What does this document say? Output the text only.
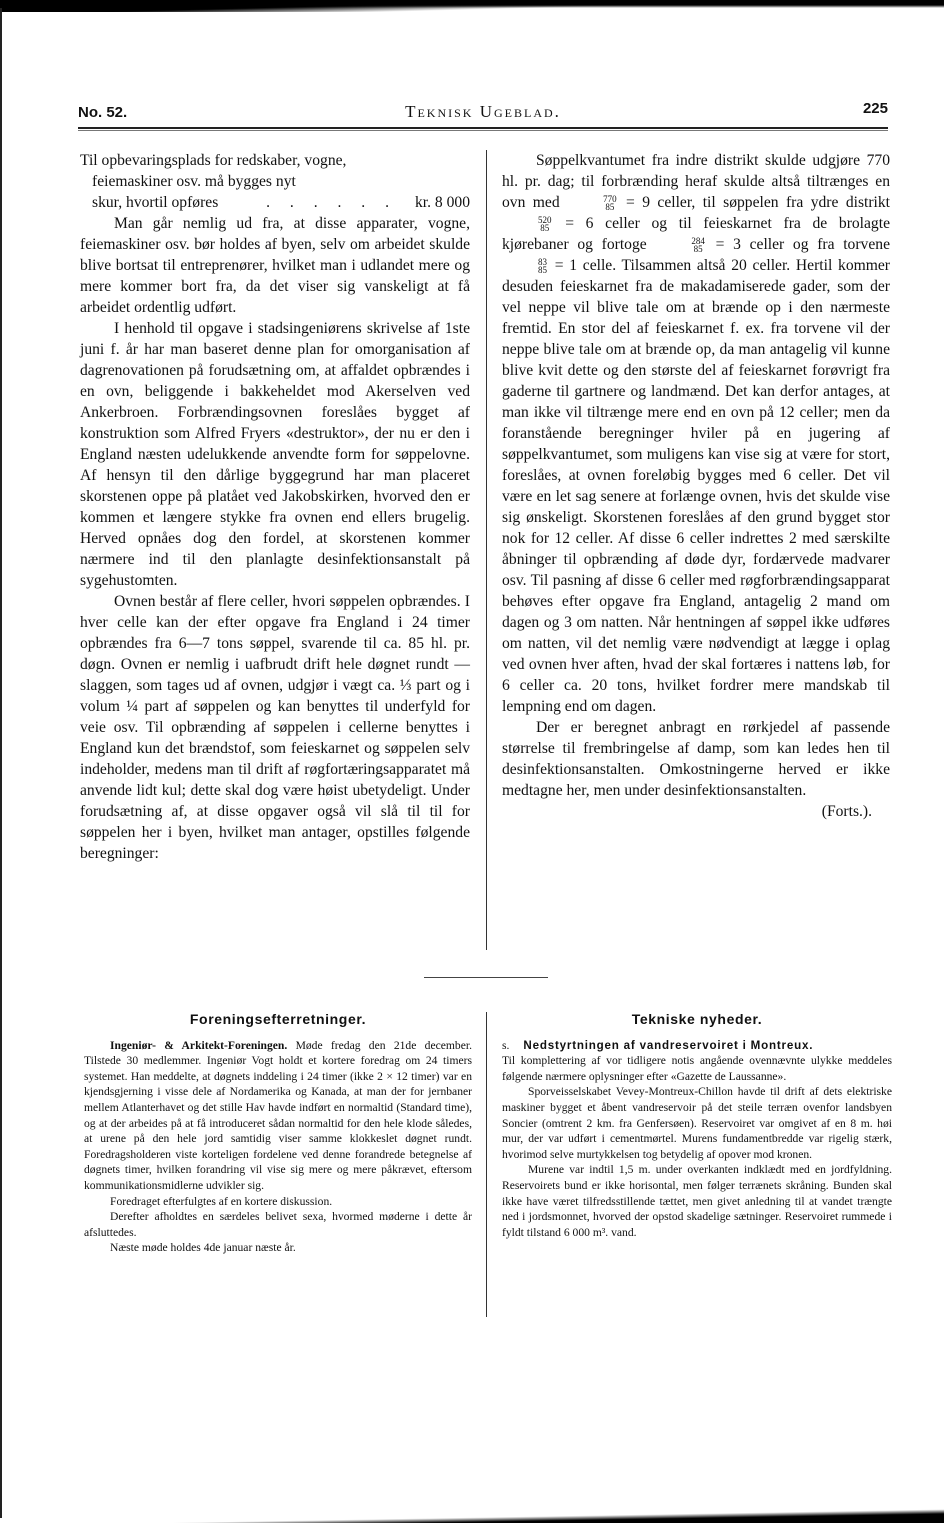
No. 52.	Teknisk Ugeblad.	225
Til opbevaringsplads for redskaber, vogne,
feiemaskiner osv. må bygges nyt
skur, hvortil opføres	. . . . . .	kr. 8 000

Man går nemlig ud fra, at disse apparater, vogne, feiemaskiner osv. bør holdes af byen, selv om arbeidet skulde blive bortsat til entreprenører, hvilket man i udlandet mere og mere kommer bort fra, da det viser sig vanskeligt at få arbeidet ordentlig udført.

I henhold til opgave i stadsingeniørens skrivelse af 1ste juni f. år har man baseret denne plan for omorganisation af dagrenovationen på forudsætning om, at affaldet opbrændes i en ovn, beliggende i bakkeheldet mod Akerselven ved Ankerbroen. Forbrændingsovnen foreslåes bygget af konstruktion som Alfred Fryers «destruktor», der nu er den i England næsten udelukkende anvendte form for søppelovne. Af hensyn til den dårlige byggegrund har man placeret skorstenen oppe på platået ved Jakobskirken, hvorved den er kommen et længere stykke fra ovnen end ellers brugelig. Herved opnåes dog den fordel, at skorstenen kommer nærmere ind til den planlagte desinfektionsanstalt på sygehustomten.

Ovnen består af flere celler, hvori søppelen opbrændes. I hver celle kan der efter opgave fra England i 24 timer opbrændes fra 6—7 tons søppel, svarende til ca. 85 hl. pr. døgn. Ovnen er nemlig i uafbrudt drift hele døgnet rundt — slaggen, som tages ud af ovnen, udgjør i vægt ca. ⅓ part og i volum ¼ part af søppelen og kan benyttes til underfyld for veie osv. Til opbrænding af søppelen i cellerne benyttes i England kun det brændstof, som feieskarnet og søppelen selv indeholder, medens man til drift af røgfortæringsapparatet må anvende lidt kul; dette skal dog være høist ubetydeligt. Under forudsætning af, at disse opgaver også vil slå til til for søppelen her i byen, hvilket man antager, opstilles følgende beregninger:

Søppelkvantumet fra indre distrikt skulde udgjøre 770 hl. pr. dag; til forbrænding heraf skulde altså tiltrænges en ovn med	770
85 = 9 celler, til søppelen fra ydre distrikt
520
85 = 6 celler og til feieskarnet fra de brolagte kjørebaner og fortoge	284
85 = 3 celler og fra torvene
83
85 = 1 celle. Tilsammen altså 20 celler. Hertil kommer desuden feieskarnet fra de makadamiserede gader, som der vel neppe vil blive tale om at brænde op i den nærmeste fremtid. En stor del af feieskarnet f. ex. fra torvene vil der neppe blive tale om at brænde op, da man antagelig vil kunne blive kvit dette og den største del af feieskarnet forøvrigt fra gaderne til gartnere og landmænd. Det kan derfor antages, at man ikke vil tiltrænge mere end en ovn på 12 celler; men da foranstående beregninger hviler på en jugering af søppelkvantumet, som muligens kan vise sig at være for stort, foreslåes, at ovnen foreløbig bygges med 6 celler. Det vil være en let sag senere at forlænge ovnen, hvis det skulde vise sig ønskeligt. Skorstenen foreslåes af den grund bygget stor nok for 12 celler. Af disse 6 celler indrettes 2 med særskilte åbninger til opbrænding af døde dyr, fordærvede madvarer osv. Til pasning af disse 6 celler med røgforbrændingsapparat behøves efter opgave fra England, antagelig 2 mand om dagen og 3 om natten. Når hentningen af søppel ikke udføres om natten, vil det nemlig være nødvendigt at lægge i oplag ved ovnen hver aften, hvad der skal fortæres i nattens løb, for 6 celler ca. 20 tons, hvilket fordrer mere mandskab til lempning end om dagen.

Der er beregnet anbragt en rørkjedel af passende størrelse til frembringelse af damp, som kan ledes hen til desinfektionsanstalten. Omkostningerne herved er ikke medtagne her, men under desinfektionsanstalten.
(Forts.).

Foreningsefterretninger.

Ingeniør- & Arkitekt-Foreningen. Møde fredag den 21de december. Tilstede 30 medlemmer. Ingeniør Vogt holdt et kortere foredrag om 24 timers systemet. Han meddelte, at døgnets inddeling i 24 timer (ikke 2 × 12 timer) var en kjendsgjerning i visse dele af Nordamerika og Kanada, at man der for jernbaner mellem Atlanterhavet og det stille Hav havde indført en normaltid (Standard time), og at der arbeides på at få introduceret sådan normaltid for den hele klode således, at urene på den hele jord samtidig viser samme klokkeslet døgnet rundt. Foredragsholderen viste korteligen fordelene ved denne forandrede betegnelse af døgnets timer, hvilken forandring vil vise sig mere og mere påkrævet, eftersom kommunikationsmidlerne udvikler sig.

Foredraget efterfulgtes af en kortere diskussion.

Derefter afholdtes en særdeles belivet sexa, hvormed møderne i dette år afsluttedes.

Næste møde holdes 4de januar næste år.

Tekniske nyheder.

s. Nedstyrtningen af vandreservoiret i Montreux.

Til komplettering af vor tidligere notis angående ovennævnte ulykke meddeles følgende nærmere oplysninger efter «Gazette de Laussanne».

Sporveisselskabet Vevey-Montreux-Chillon havde til drift af dets elektriske maskiner bygget et åbent vandreservoir på det steile terræn ovenfor landsbyen Soncier (omtrent 2 km. fra Genfersøen). Reservoiret var omgivet af en 8 m. høi mur, der var udført i cementmørtel. Murens fundamentbredde var rigelig stærk, hvorimod selve murtykkelsen tog betydelig af opover mod kronen.

Murene var indtil 1,5 m. under overkanten indklædt med en jordfyldning. Reservoirets bund er ikke horisontal, men følger terrænets skråning. Bunden skal ikke have været tilfredsstillende tættet, men givet anledning til at vandet trængte ned i jordsmonnet, hvorved der opstod skadelige sætninger. Reservoiret rummede i fyldt tilstand 6 000 m³. vand.
